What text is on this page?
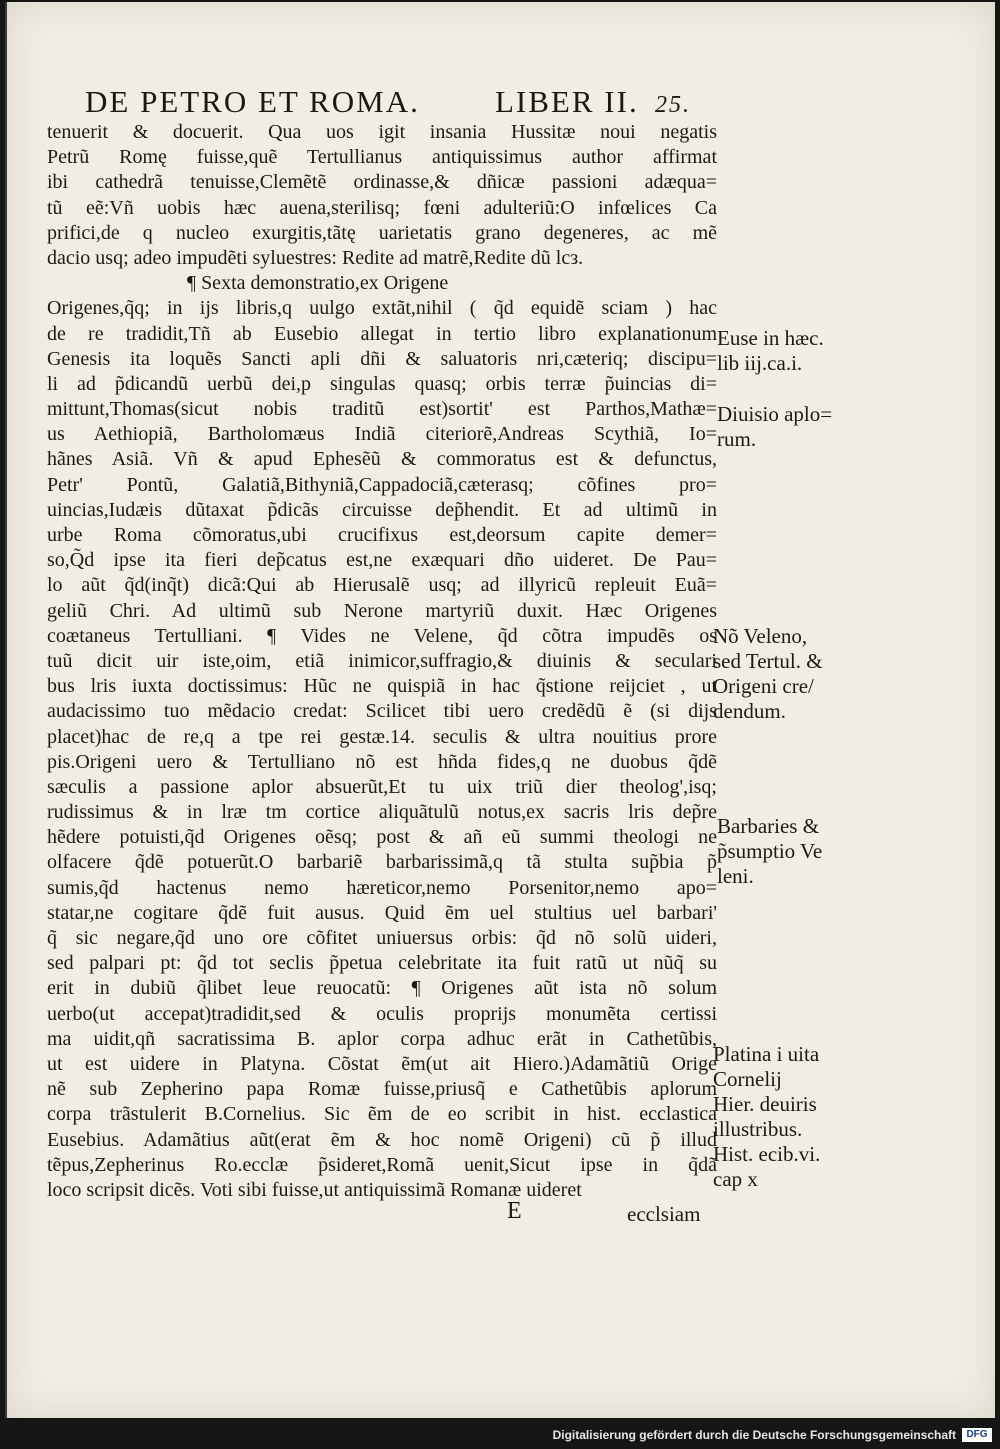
DE PETRO ET ROMA. LIBER II. 25.
tenuerit & docuerit. Qua uos igit insania Hussitæ noui negatis
Petrũ Romę fuisse,quẽ Tertullianus antiquissimus author affirmat
ibi cathedrã tenuisse,Clemẽtẽ ordinasse,& dñicæ passioni adæqua=
tũ eẽ:Vñ uobis hæc auena,sterilisq; fœni adulteriũ:O infœlices Ca
prifici,de q nucleo exurgitis,tãtę uarietatis grano degeneres, ac mẽ
dacio usq; adeo impudẽti syluestres: Redite ad matrẽ,Redite dũ lcз.
¶ Sexta demonstratio,ex Origene
Origenes,q̃q; in ijs libris,q uulgo extãt,nihil ( q̃d equidẽ sciam ) hac
de re tradidit,Tñ ab Eusebio allegat in tertio libro explanationum
Genesis ita loquẽs Sancti apli dñi & saluatoris nri,cæteriq; discipu=
li ad p̃dicandũ uerbũ dei,p singulas quasq; orbis terræ p̃uincias di=
mittunt,Thomas(sicut nobis traditũ est)sortit' est Parthos,Mathæ=
us Aethiopiã, Bartholomæus Indiã citeriorẽ,Andreas Scythiã, Io=
hãnes Asiã. Vñ & apud Ephesẽũ & commoratus est & defunctus,
Petr' Pontũ, Galatiã,Bithyniã,Cappadociã,cæterasq; cõfines pro=
uincias,Iudæis dũtaxat p̃dicãs circuisse dep̃hendit. Et ad ultimũ in
urbe Roma cõmoratus,ubi crucifixus est,deorsum capite demer=
so,Q̃d ipse ita fieri dep̃catus est,ne exæquari dño uideret. De Pau=
lo aũt q̃d(inq̃t) dicã:Qui ab Hierusalẽ usq; ad illyricũ repleuit Euã=
geliũ Chri. Ad ultimũ sub Nerone martyriũ duxit. Hæc Origenes
coætaneus Tertulliani. ¶ Vides ne Velene, q̃d cõtra impudẽs os
tuũ dicit uir iste,oim, etiã inimicor,suffragio,& diuinis & seculari
bus lris iuxta doctissimus: Hũc ne quispiã in hac q̃stione reijciet , ut
audacissimo tuo mẽdacio credat: Scilicet tibi uero credẽdũ ẽ (si dijs
placet)hac de re,q a tpe rei gestæ.14. seculis & ultra nouitius prore
pis.Origeni uero & Tertulliano nõ est hñda fides,q ne duobus q̃dẽ
sæculis a passione aplor absuerũt,Et tu uix triũ dier theolog',isq;
rudissimus & in lræ tm cortice aliquãtulũ notus,ex sacris lris dep̃re
hẽdere potuisti,q̃d Origenes oẽsq; post & añ eũ summi theologi ne
olfacere q̃dẽ potuerũt.O barbariẽ barbarissimã,q tã stulta sup̃bia p̃
sumis,q̃d hactenus nemo hæreticor,nemo Porsenitor,nemo apo=
statar,ne cogitare q̃dẽ fuit ausus. Quid ẽm uel stultius uel barbari'
q̃ sic negare,q̃d uno ore cõfitet uniuersus orbis: q̃d nõ solũ uideri,
sed palpari pt: q̃d tot seclis p̃petua celebritate ita fuit ratũ ut nũq̃ su
erit in dubiũ q̃libet leue reuocatũ: ¶ Origenes aũt ista nõ solum
uerbo(ut accepat)tradidit,sed & oculis proprijs monumẽta certissi
ma uidit,qñ sacratissima B. aplor corpa adhuc erãt in Cathetũbis,
ut est uidere in Platyna. Cõstat ẽm(ut ait Hiero.)Adamãtiũ Orige
nẽ sub Zepherino papa Romæ fuisse,priusq̃ e Cathetũbis aplorum
corpa trãstulerit B.Cornelius. Sic ẽm de eo scribit in hist. ecclastica
Eusebius. Adamãtius aũt(erat ẽm & hoc nomẽ Origeni) cũ p̃ illud
tẽpus,Zepherinus Ro.ecclæ p̃sideret,Romã uenit,Sicut ipse in q̃dã
loco scripsit dicẽs. Voti sibi fuisse,ut antiquissimã Romanæ uideret
Euse in hæc.
lib iij.ca.i.
Diuisio aplo=
rum.
Nõ Veleno,
sed Tertul. &
Origeni cre/
dendum.
Barbaries &
p̃sumptio Ve
leni.
Platina i uita
Cornelij
Hier. deuiris
illustribus.
Hist. ecib.vi.
cap x
E	ecclsiam
Digitalisierung gefördert durch die Deutsche Forschungsgemeinschaft	DFG
